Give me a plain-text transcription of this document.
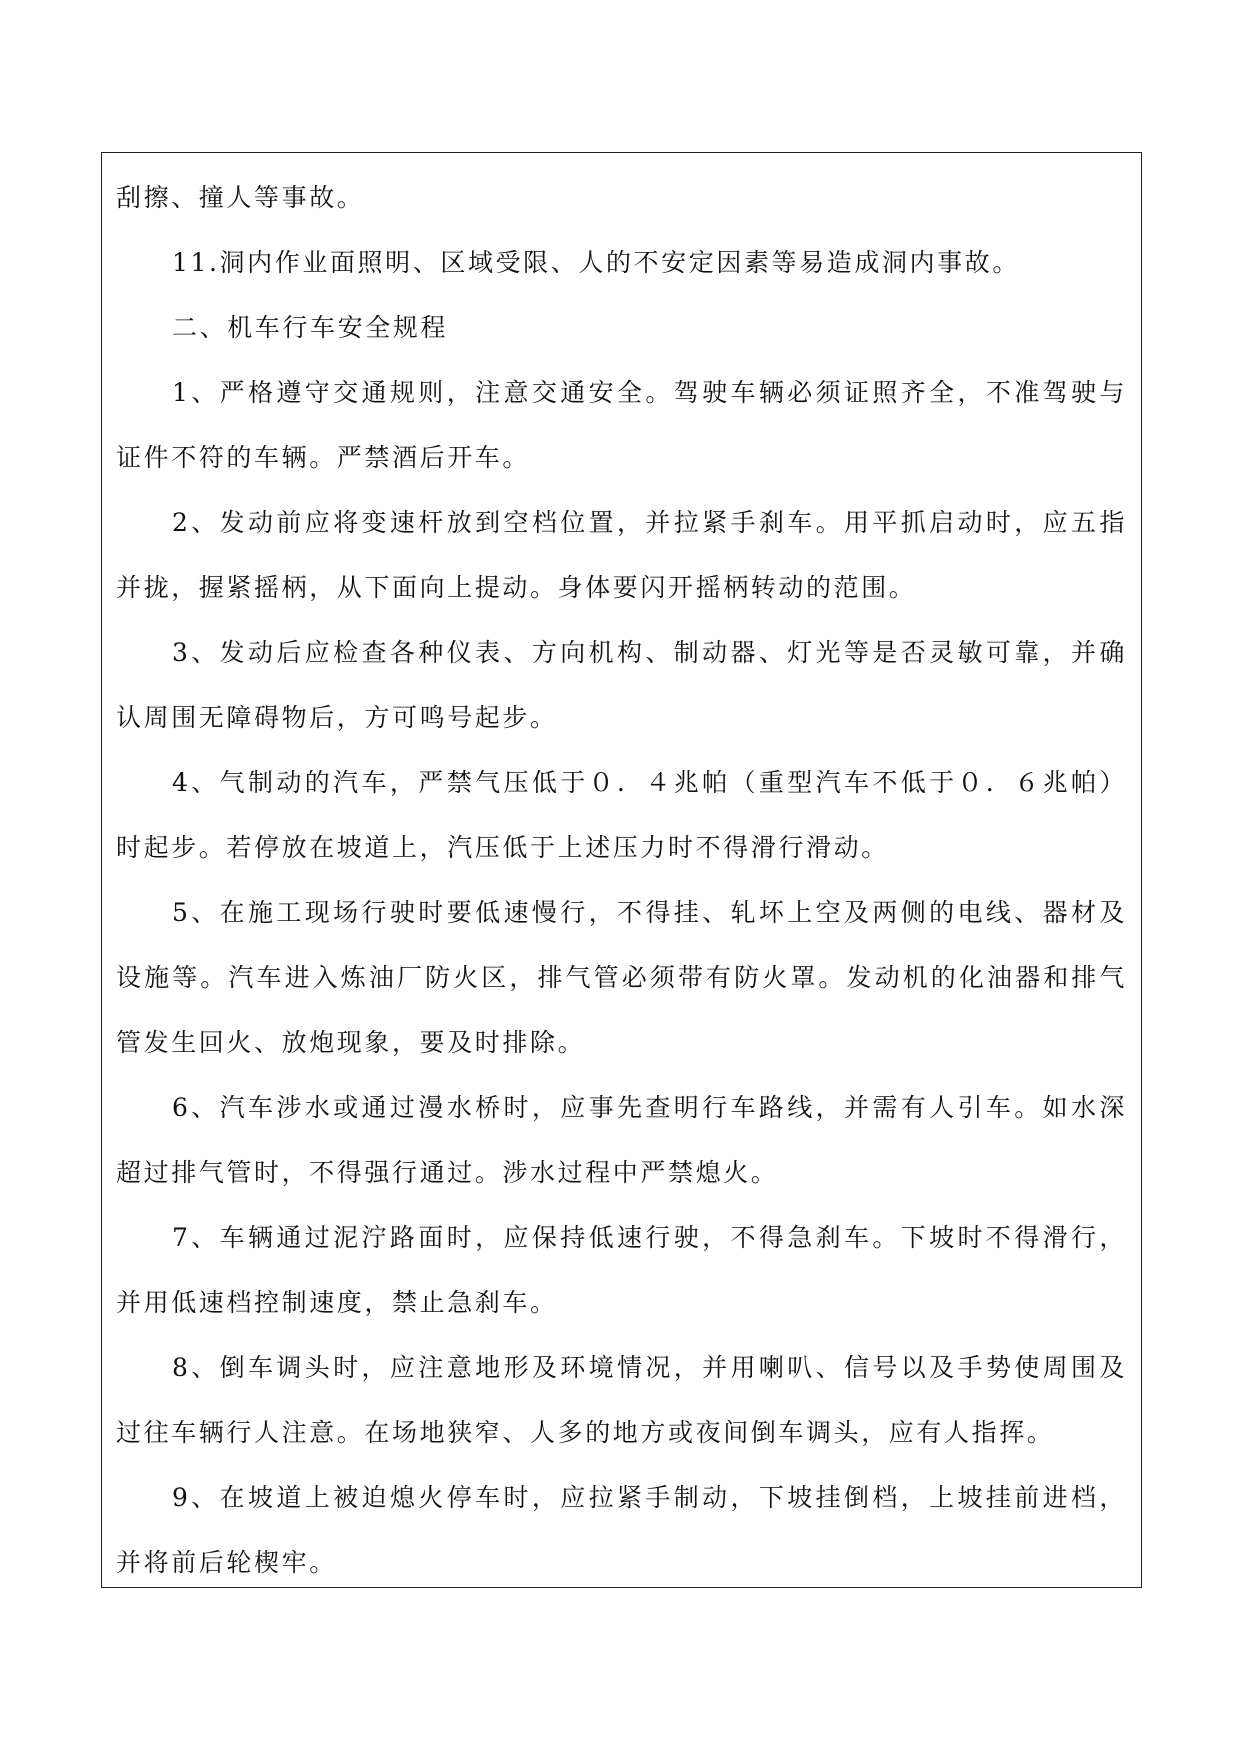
刮擦、撞人等事故。

11.洞内作业面照明、区域受限、人的不安定因素等易造成洞内事故。

二、机车行车安全规程

1、严格遵守交通规则，注意交通安全。驾驶车辆必须证照齐全，不准驾驶与证件不符的车辆。严禁酒后开车。

2、发动前应将变速杆放到空档位置，并拉紧手刹车。用平抓启动时，应五指并拢，握紧摇柄，从下面向上提动。身体要闪开摇柄转动的范围。

3、发动后应检查各种仪表、方向机构、制动器、灯光等是否灵敏可靠，并确认周围无障碍物后，方可鸣号起步。

4、气制动的汽车，严禁气压低于０．４兆帕（重型汽车不低于０．６兆帕）时起步。若停放在坡道上，汽压低于上述压力时不得滑行滑动。

5、在施工现场行驶时要低速慢行，不得挂、轧坏上空及两侧的电线、器材及设施等。汽车进入炼油厂防火区，排气管必须带有防火罩。发动机的化油器和排气管发生回火、放炮现象，要及时排除。

6、汽车涉水或通过漫水桥时，应事先查明行车路线，并需有人引车。如水深超过排气管时，不得强行通过。涉水过程中严禁熄火。

7、车辆通过泥泞路面时，应保持低速行驶，不得急刹车。下坡时不得滑行，并用低速档控制速度，禁止急刹车。

8、倒车调头时，应注意地形及环境情况，并用喇叭、信号以及手势使周围及过往车辆行人注意。在场地狭窄、人多的地方或夜间倒车调头，应有人指挥。

9、在坡道上被迫熄火停车时，应拉紧手制动，下坡挂倒档，上坡挂前进档，并将前后轮楔牢。
